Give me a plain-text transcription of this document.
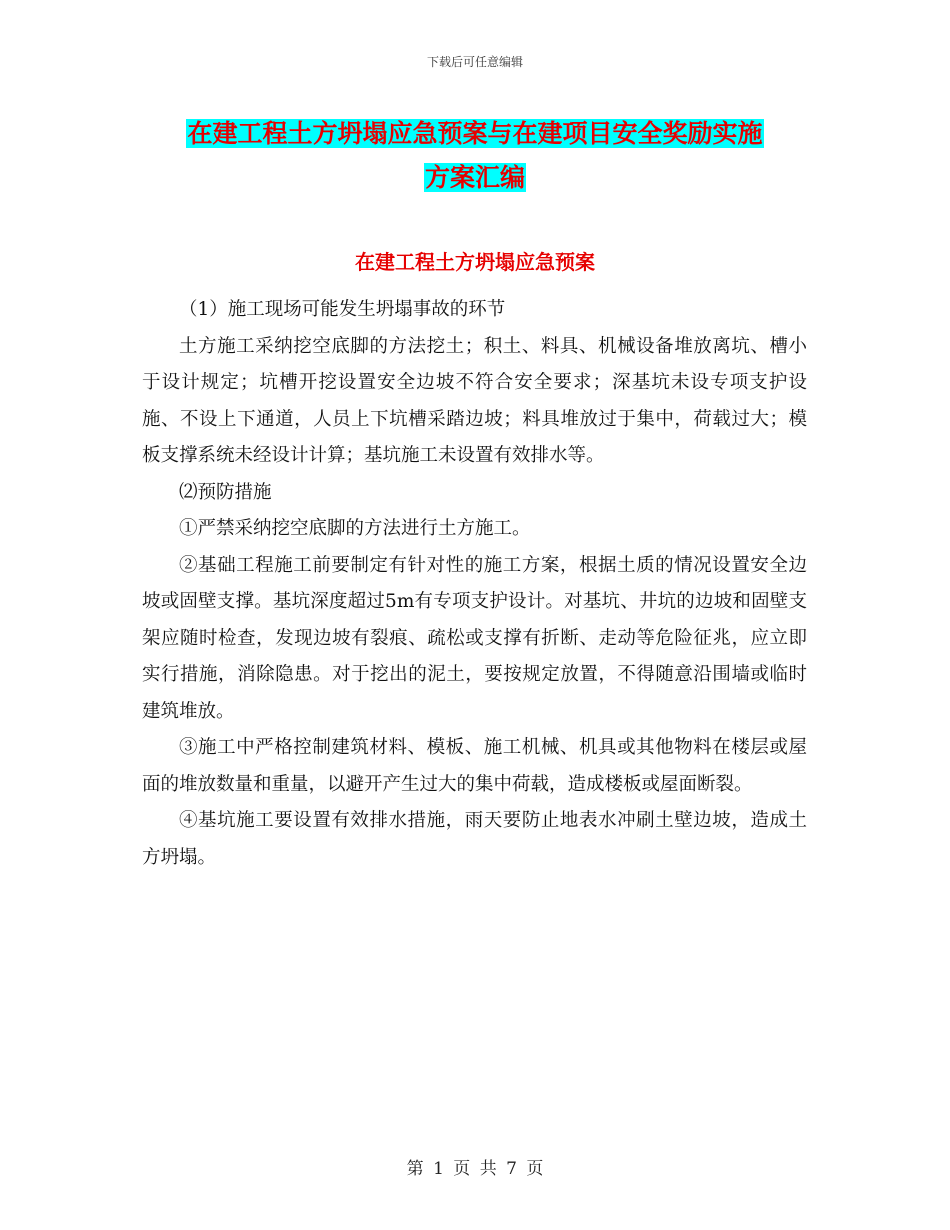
下载后可任意编辑
在建工程土方坍塌应急预案与在建项目安全奖励实施
方案汇编
在建工程土方坍塌应急预案

（1）施工现场可能发生坍塌事故的环节

土方施工采纳挖空底脚的方法挖土；积土、料具、机械设备堆放离坑、槽小于设计规定；坑槽开挖设置安全边坡不符合安全要求；深基坑未设专项支护设施、不设上下通道，人员上下坑槽采踏边坡；料具堆放过于集中，荷载过大；模板支撑系统未经设计计算；基坑施工未设置有效排水等。

⑵预防措施

①严禁采纳挖空底脚的方法进行土方施工。

②基础工程施工前要制定有针对性的施工方案，根据土质的情况设置安全边坡或固壁支撑。基坑深度超过5m有专项支护设计。对基坑、井坑的边坡和固壁支架应随时检查，发现边坡有裂痕、疏松或支撑有折断、走动等危险征兆，应立即实行措施，消除隐患。对于挖出的泥土，要按规定放置，不得随意沿围墙或临时建筑堆放。

③施工中严格控制建筑材料、模板、施工机械、机具或其他物料在楼层或屋面的堆放数量和重量，以避开产生过大的集中荷载，造成楼板或屋面断裂。

④基坑施工要设置有效排水措施，雨天要防止地表水冲刷土壁边坡，造成土方坍塌。

第 1 页 共 7 页
